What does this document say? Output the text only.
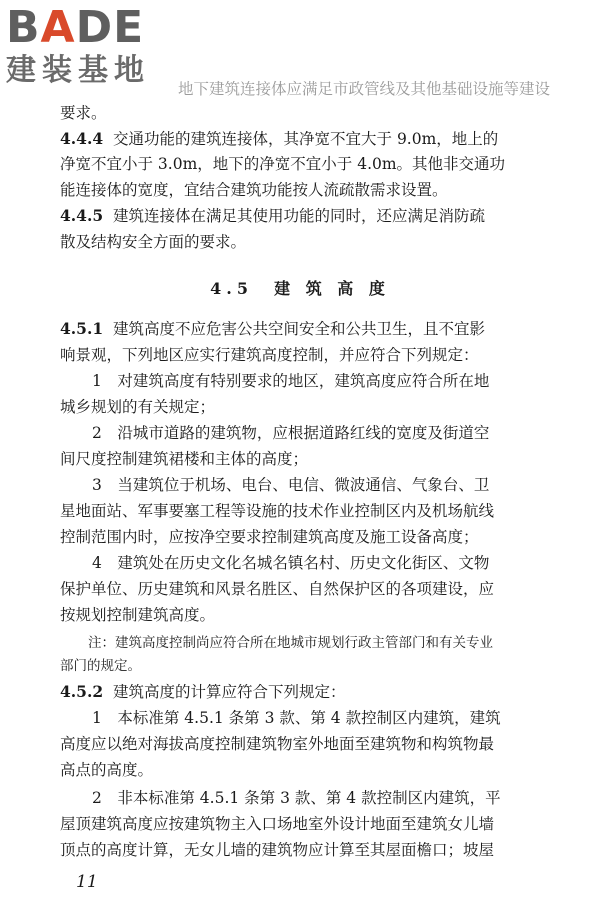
BADE
建装基地
地下建筑连接体应满足市政管线及其他基础设施等建设
要求。
4.4.4 交通功能的建筑连接体，其净宽不宜大于 9.0m，地上的
净宽不宜小于 3.0m，地下的净宽不宜小于 4.0m。其他非交通功
能连接体的宽度，宜结合建筑功能按人流疏散需求设置。
4.4.5 建筑连接体在满足其使用功能的同时，还应满足消防疏
散及结构安全方面的要求。
4.5 建 筑 高 度
4.5.1 建筑高度不应危害公共空间安全和公共卫生，且不宜影
响景观，下列地区应实行建筑高度控制，并应符合下列规定：
1　对建筑高度有特别要求的地区，建筑高度应符合所在地
城乡规划的有关规定；
2　沿城市道路的建筑物，应根据道路红线的宽度及街道空
间尺度控制建筑裙楼和主体的高度；
3　当建筑位于机场、电台、电信、微波通信、气象台、卫
星地面站、军事要塞工程等设施的技术作业控制区内及机场航线
控制范围内时，应按净空要求控制建筑高度及施工设备高度；
4　建筑处在历史文化名城名镇名村、历史文化街区、文物
保护单位、历史建筑和风景名胜区、自然保护区的各项建设，应
按规划控制建筑高度。
注：建筑高度控制尚应符合所在地城市规划行政主管部门和有关专业
部门的规定。
4.5.2 建筑高度的计算应符合下列规定：
1　本标准第 4.5.1 条第 3 款、第 4 款控制区内建筑，建筑
高度应以绝对海拔高度控制建筑物室外地面至建筑物和构筑物最
高点的高度。
2　非本标准第 4.5.1 条第 3 款、第 4 款控制区内建筑，平
屋顶建筑高度应按建筑物主入口场地室外设计地面至建筑女儿墙
顶点的高度计算，无女儿墙的建筑物应计算至其屋面檐口；坡屋
11
